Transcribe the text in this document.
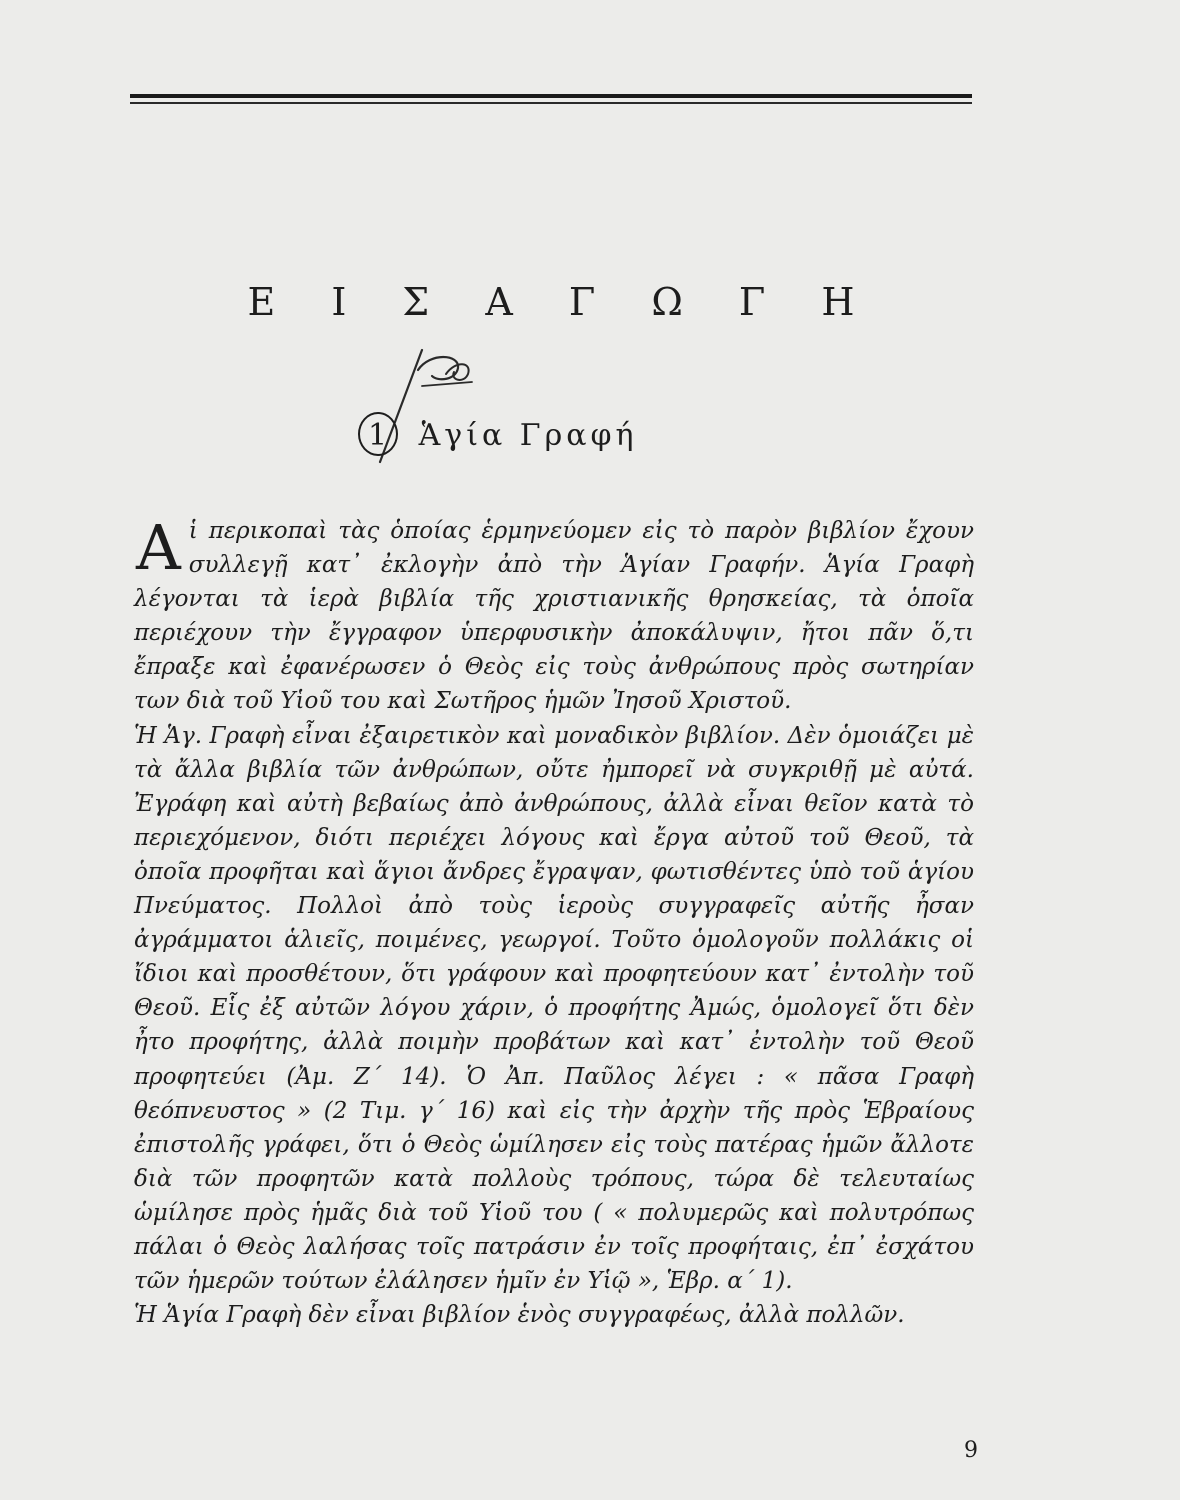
Ε Ι Σ Α Γ Ω Γ Η
1 Ἁγία Γραφή

Α ἱ περικοπαὶ τὰς ὁποίας ἑρμηνεύομεν εἰς τὸ παρὸν βιβλίον ἔχουν συλλεγῇ κατ᾿ ἐκλογὴν ἀπὸ τὴν Ἁγίαν Γραφήν. Ἁγία Γραφὴ λέγονται τὰ ἱερὰ βιβλία τῆς χριστιανικῆς θρησκείας, τὰ ὁποῖα περιέχουν τὴν ἔγγραφον ὑπερφυσικὴν ἀποκάλυψιν, ἤτοι πᾶν ὅ,τι ἔπραξε καὶ ἐφανέρωσεν ὁ Θεὸς εἰς τοὺς ἀνθρώπους πρὸς σωτηρίαν των διὰ τοῦ Υἱοῦ του καὶ Σωτῆρος ἡμῶν Ἰησοῦ Χριστοῦ.

Ἡ Ἁγ. Γραφὴ εἶναι ἐξαιρετικὸν καὶ μοναδικὸν βιβλίον. Δὲν ὁμοιάζει μὲ τὰ ἄλλα βιβλία τῶν ἀνθρώπων, οὔτε ἠμπορεῖ νὰ συγκριθῇ μὲ αὐτά. Ἐγράφη καὶ αὐτὴ βεβαίως ἀπὸ ἀνθρώπους, ἀλλὰ εἶναι θεῖον κατὰ τὸ περιεχόμενον, διότι περιέχει λόγους καὶ ἔργα αὐτοῦ τοῦ Θεοῦ, τὰ ὁποῖα προφῆται καὶ ἅγιοι ἄνδρες ἔγραψαν, φωτισθέντες ὑπὸ τοῦ ἁγίου Πνεύματος. Πολλοὶ ἀπὸ τοὺς ἱεροὺς συγγραφεῖς αὐτῆς ἦσαν ἀγράμματοι ἁλιεῖς, ποιμένες, γεωργοί. Τοῦτο ὁμολογοῦν πολλάκις οἱ ἴδιοι καὶ προσθέτουν, ὅτι γράφουν καὶ προφητεύουν κατ᾿ ἐντολὴν τοῦ Θεοῦ. Εἷς ἐξ αὐτῶν λόγου χάριν, ὁ προφήτης Ἀμώς, ὁμολογεῖ ὅτι δὲν ἦτο προφήτης, ἀλλὰ ποιμὴν προβάτων καὶ κατ᾿ ἐντολὴν τοῦ Θεοῦ προφητεύει (Ἀμ. Ζ´ 14). Ὁ Ἀπ. Παῦλος λέγει : « πᾶσα Γραφὴ θεόπνευστος » (2 Τιμ. γ´ 16) καὶ εἰς τὴν ἀρχὴν τῆς πρὸς Ἑβραίους ἐπιστολῆς γράφει, ὅτι ὁ Θεὸς ὡμίλησεν εἰς τοὺς πατέρας ἡμῶν ἄλλοτε διὰ τῶν προφητῶν κατὰ πολλοὺς τρόπους, τώρα δὲ τελευταίως ὡμίλησε πρὸς ἡμᾶς διὰ τοῦ Υἱοῦ του ( « πολυμερῶς καὶ πολυτρόπως πάλαι ὁ Θεὸς λαλήσας τοῖς πατράσιν ἐν τοῖς προφήταις, ἐπ᾿ ἐσχάτου τῶν ἡμερῶν τούτων ἐλάλησεν ἡμῖν ἐν Υἱῷ », Ἑβρ. α´ 1).

Ἡ Ἁγία Γραφὴ δὲν εἶναι βιβλίον ἑνὸς συγγραφέως, ἀλλὰ πολλῶν.

9
